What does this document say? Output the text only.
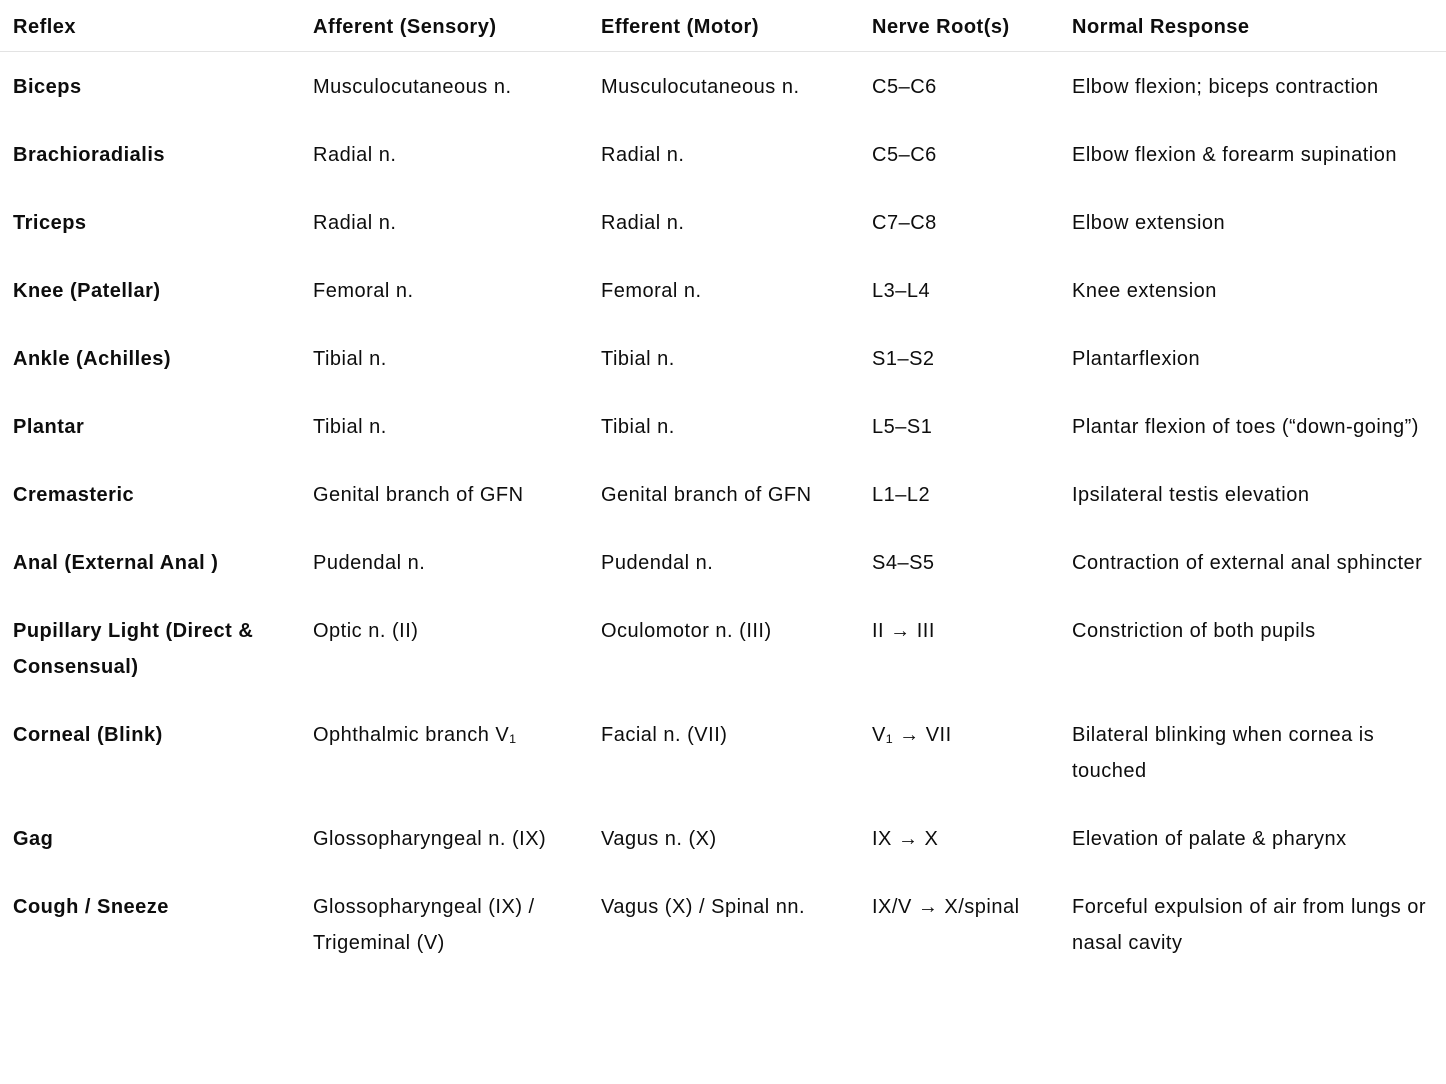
Reflex	Afferent (Sensory)	Efferent (Motor)	Nerve Root(s)	Normal Response
Biceps	Musculocutaneous n.	Musculocutaneous n.	C5–C6	Elbow flexion; biceps contraction
Brachioradialis	Radial n.	Radial n.	C5–C6	Elbow flexion & forearm supination
Triceps	Radial n.	Radial n.	C7–C8	Elbow extension
Knee (Patellar)	Femoral n.	Femoral n.	L3–L4	Knee extension
Ankle (Achilles)	Tibial n.	Tibial n.	S1–S2	Plantarflexion
Plantar	Tibial n.	Tibial n.	L5–S1	Plantar flexion of toes (“down-going”)
Cremasteric	Genital branch of GFN	Genital branch of GFN	L1–L2	Ipsilateral testis elevation
Anal (External Anal )	Pudendal n.	Pudendal n.	S4–S5	Contraction of external anal sphincter
Pupillary Light (Direct & Consensual)	Optic n. (II)	Oculomotor n. (III)	II → III	Constriction of both pupils
Corneal (Blink)	Ophthalmic branch V₁	Facial n. (VII)	V₁ → VII	Bilateral blinking when cornea is touched
Gag	Glossopharyngeal n. (IX)	Vagus n. (X)	IX → X	Elevation of palate & pharynx
Cough / Sneeze	Glossopharyngeal (IX) / Trigeminal (V)	Vagus (X) / Spinal nn.	IX/V → X/spinal	Forceful expulsion of air from lungs or nasal cavity
